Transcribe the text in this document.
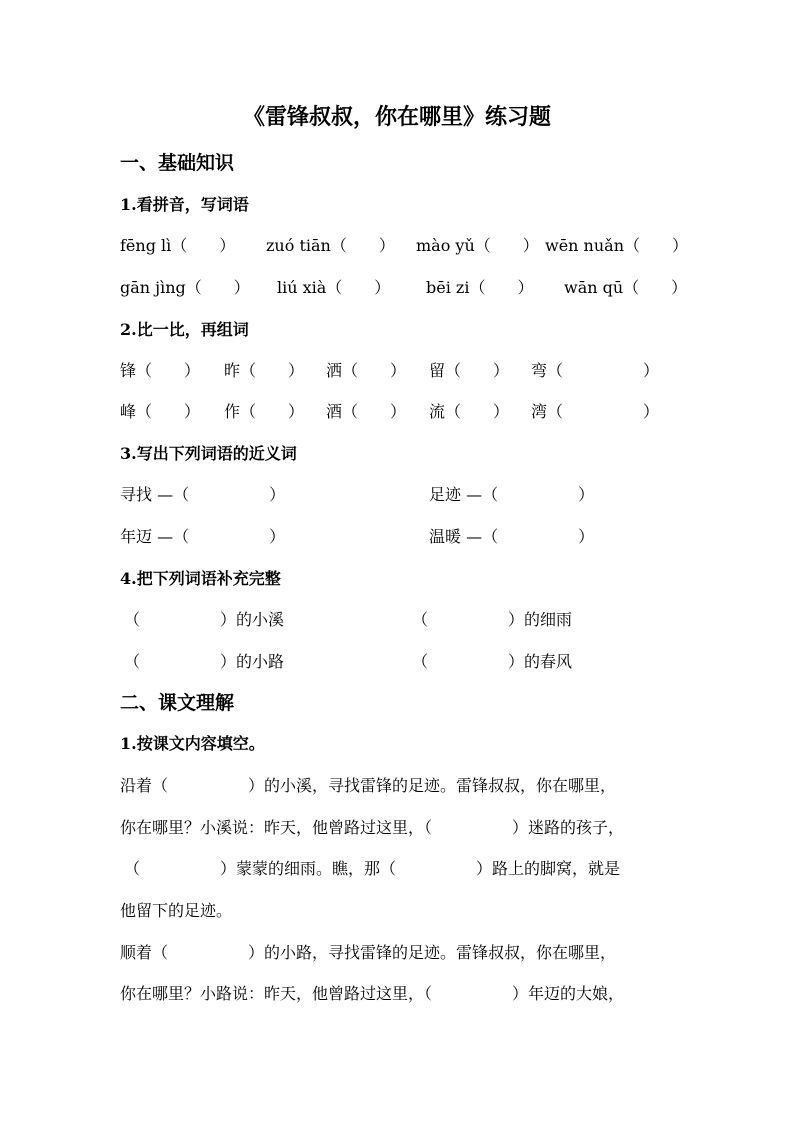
《雷锋叔叔，你在哪里》练习题
一、基础知识
1.看拼音，写词语
fēng lì（　　） zuó tiān（　　） mào yǔ（　　） wēn nuǎn（　　）
gān jìng（　　） liú xià（　　） bēi zi（　　） wān qū（　　）
2.比一比，再组词
锋（　　） 昨（　　） 洒（　　） 留（　　） 弯（　　　　　）
峰（　　） 作（　　） 酒（　　） 流（　　） 湾（　　　　　）
3.写出下列词语的近义词
寻找 —（　　　　　）	足迹 —（　　　　　）
年迈 —（　　　　　）	温暖 —（　　　　　）
4.把下列词语补充完整
（　　　　　）的小溪	（　　　　　）的细雨
（　　　　　）的小路	（　　　　　）的春风
二、课文理解
1.按课文内容填空。
沿着（　　　　　）的小溪，寻找雷锋的足迹。雷锋叔叔，你在哪里，
你在哪里？小溪说：昨天，他曾路过这里，（　　　　　）迷路的孩子，
（　　　　　）蒙蒙的细雨。瞧，那（　　　　　）路上的脚窝，就是
他留下的足迹。
顺着（　　　　　）的小路，寻找雷锋的足迹。雷锋叔叔，你在哪里，
你在哪里？小路说：昨天，他曾路过这里，（　　　　　）年迈的大娘，
